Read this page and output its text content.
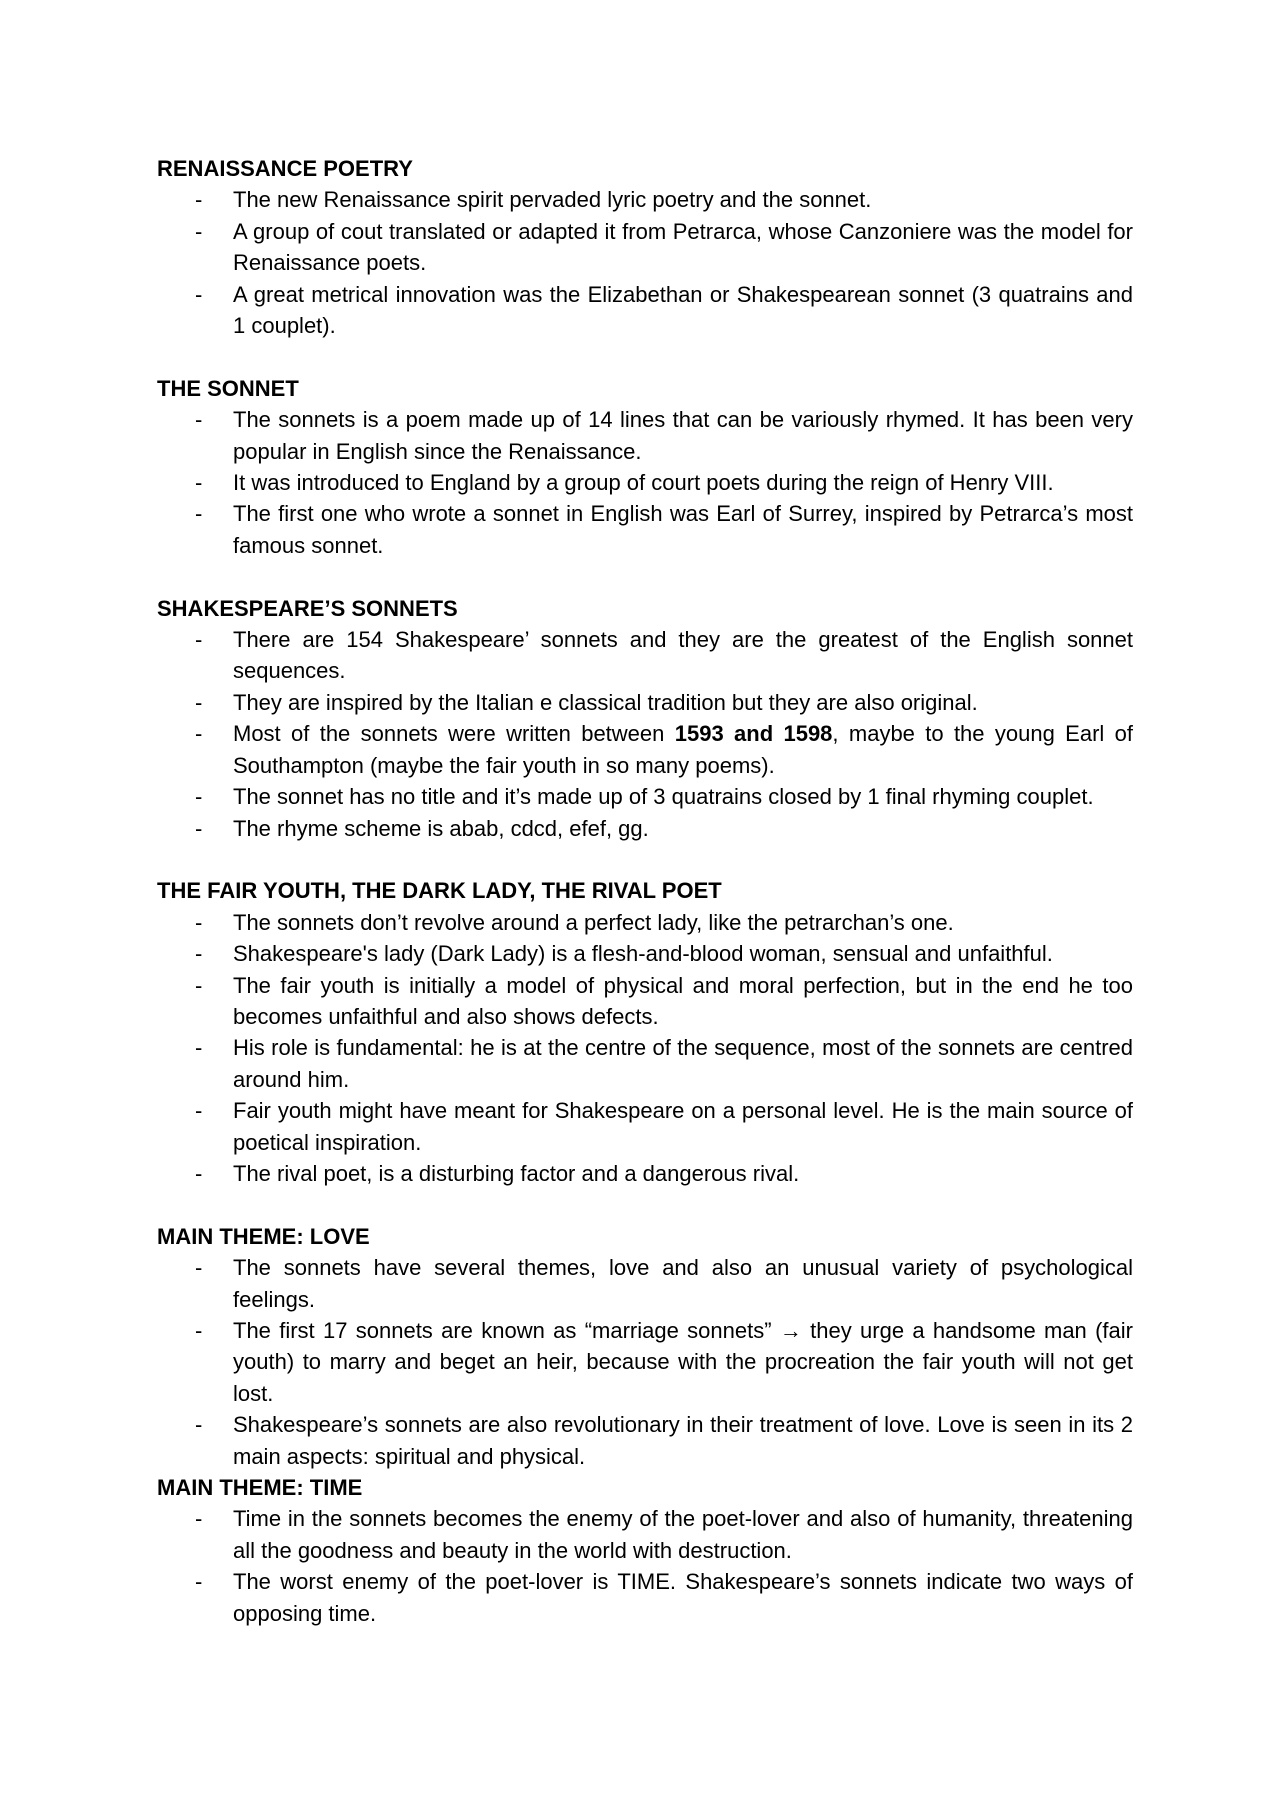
RENAISSANCE POETRY

- The new Renaissance spirit pervaded lyric poetry and the sonnet.
- A group of cout translated or adapted it from Petrarca, whose Canzoniere was the model for Renaissance poets.
- A great metrical innovation was the Elizabethan or Shakespearean sonnet (3 quatrains and 1 couplet).

THE SONNET

- The sonnets is a poem made up of 14 lines that can be variously rhymed. It has been very popular in English since the Renaissance.
- It was introduced to England by a group of court poets during the reign of Henry VIII.
- The first one who wrote a sonnet in English was Earl of Surrey, inspired by Petrarca’s most famous sonnet.

SHAKESPEARE’S SONNETS

- There are 154 Shakespeare’ sonnets and they are the greatest of the English sonnet sequences.
- They are inspired by the Italian e classical tradition but they are also original.
- Most of the sonnets were written between 1593 and 1598, maybe to the young Earl of Southampton (maybe the fair youth in so many poems).
- The sonnet has no title and it’s made up of 3 quatrains closed by 1 final rhyming couplet.
- The rhyme scheme is abab, cdcd, efef, gg.

THE FAIR YOUTH, THE DARK LADY, THE RIVAL POET

- The sonnets don’t revolve around a perfect lady, like the petrarchan’s one.
- Shakespeare's lady (Dark Lady) is a flesh-and-blood woman, sensual and unfaithful.
- The fair youth is initially a model of physical and moral perfection, but in the end he too becomes unfaithful and also shows defects.
- His role is fundamental: he is at the centre of the sequence, most of the sonnets are centred around him.
- Fair youth might have meant for Shakespeare on a personal level. He is the main source of poetical inspiration.
- The rival poet, is a disturbing factor and a dangerous rival.

MAIN THEME: LOVE

- The sonnets have several themes, love and also an unusual variety of psychological feelings.
- The first 17 sonnets are known as “marriage sonnets” → they urge a handsome man (fair youth) to marry and beget an heir, because with the procreation the fair youth will not get lost.
- Shakespeare’s sonnets are also revolutionary in their treatment of love. Love is seen in its 2 main aspects: spiritual and physical.

MAIN THEME: TIME

- Time in the sonnets becomes the enemy of the poet-lover and also of humanity, threatening all the goodness and beauty in the world with destruction.
- The worst enemy of the poet-lover is TIME. Shakespeare’s sonnets indicate two ways of opposing time.
